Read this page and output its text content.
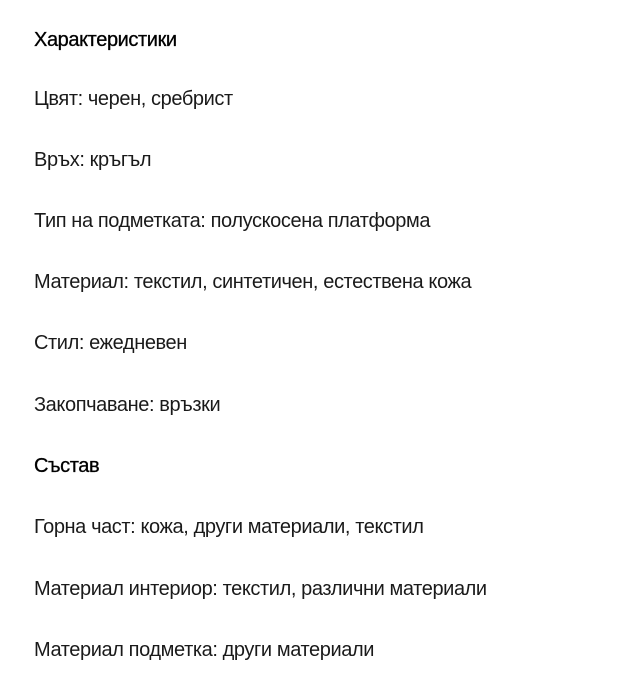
Характеристики
Цвят: черен, сребрист
Връх: кръгъл
Тип на подметката: полускосена платформа
Материал: текстил, синтетичен, естествена кожа
Стил: ежедневен
Закопчаване: връзки
Състав
Горна част: кожа, други материали, текстил
Материал интериор: текстил, различни материали
Материал подметка: други материали
